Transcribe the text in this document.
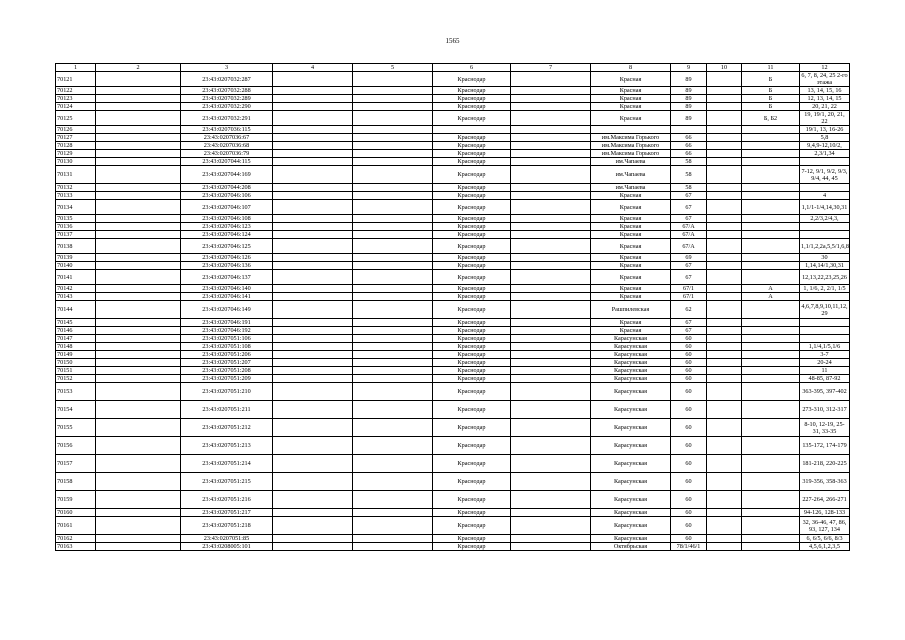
1565
1	2	3	4	5	6	7	8	9	10	11	12
70121		23:43:0207032:287			Краснодар		Красная	89		Б	6, 7, 8, 24, 25 2-го этажа
70122		23:43:0207032:288			Краснодар		Красная	89		Б	13, 14, 15, 16
70123		23:43:0207032:289			Краснодар		Красная	89		Б	12, 13, 14, 15
70124		23:43:0207032:290			Краснодар		Красная	89		Б	20, 21, 22
70125		23:43:0207032:291			Краснодар		Красная	89		Б, Б2	19, 19/1, 20, 21, 22
70126		23:43:0207036:115									19/1, 13, 16-26
70127		23:43:0207036:67			Краснодар		им.Максима Горького	66			5,8
70128		23:43:0207036:68			Краснодар		им.Максима Горького	66			9,4,9-12,10/2,
70129		23:43:0207036:79			Краснодар		им.Максима Горького	66			2,3/1,34
70130		23:43:0207044:115			Краснодар		им.Чапаева	58			
70131		23:43:0207044:169			Краснодар		им.Чапаева	58			7-12, 9/1, 9/2, 9/3, 9/4, 44, 45
70132		23:43:0207044:208			Краснодар		им.Чапаева	58			
70133		23:43:0207046:106			Краснодар		Красная	67			4
70134		23:43:0207046:107			Краснодар		Красная	67			1,1/1-1/4,14,30,31
70135		23:43:0207046:108			Краснодар		Красная	67			2,2/3,2/4,3,
70136		23:43:0207046:123			Краснодар		Красная	67/А			
70137		23:43:0207046:124			Краснодар		Красная	67/А			
70138		23:43:0207046:125			Краснодар		Красная	67/А			1,1/1,2,2а,5,5/1,6,8
70139		23:43:0207046:126			Краснодар		Красная	69			30
70140		23:43:0207046:136			Краснодар		Красная	67			1,14,14/1,30,31
70141		23:43:0207046:137			Краснодар		Красная	67			12,13,22,23,25,26
70142		23:43:0207046:140			Краснодар		Красная	67/1		А	1, 1/6, 2, 2/1, 1/5
70143		23:43:0207046:141			Краснодар		Красная	67/1		А	
70144		23:43:0207046:149			Краснодар		Рашпилевская	62			4,6,7,8,9,10,11,12, 29
70145		23:43:0207046:191			Краснодар		Красная	67			
70146		23:43:0207046:192			Краснодар		Красная	67			
70147		23:43:0207051:106			Краснодар		Карасунская	60			
70148		23:43:0207051:108			Краснодар		Карасунская	60			1,1/4,1/5,1/6
70149		23:43:0207051:206			Краснодар		Карасунская	60			3-7
70150		23:43:0207051:207			Краснодар		Карасунская	60			20-24
70151		23:43:0207051:208			Краснодар		Карасунская	60			11
70152		23:43:0207051:209			Краснодар		Карасунская	60			48-85, 87-92
70153		23:43:0207051:210			Краснодар		Карасунская	60			363-395, 397-402
70154		23:43:0207051:211			Краснодар		Карасунская	60			273-310, 312-317
70155		23:43:0207051:212			Краснодар		Карасунская	60			8-10, 12-19, 25-31, 33-35
70156		23:43:0207051:213			Краснодар		Карасунская	60			135-172, 174-179
70157		23:43:0207051:214			Краснодар		Карасунская	60			181-218, 220-225
70158		23:43:0207051:215			Краснодар		Карасунская	60			319-356, 358-363
70159		23:43:0207051:216			Краснодар		Карасунская	60			227-264, 266-271
70160		23:43:0207051:217			Краснодар		Карасунская	60			94-126, 128-133
70161		23:43:0207051:218			Краснодар		Карасунская	60			32, 36-46, 47, 86, 93, 127, 134
70162		23:43:0207051:85			Краснодар		Карасунская	60			6, 6/5, 6/6, 8/3
70163		23:43:0208005:101			Краснодар		Октябрьская	78/1/46/1			4,5,6,1,2,3,5
